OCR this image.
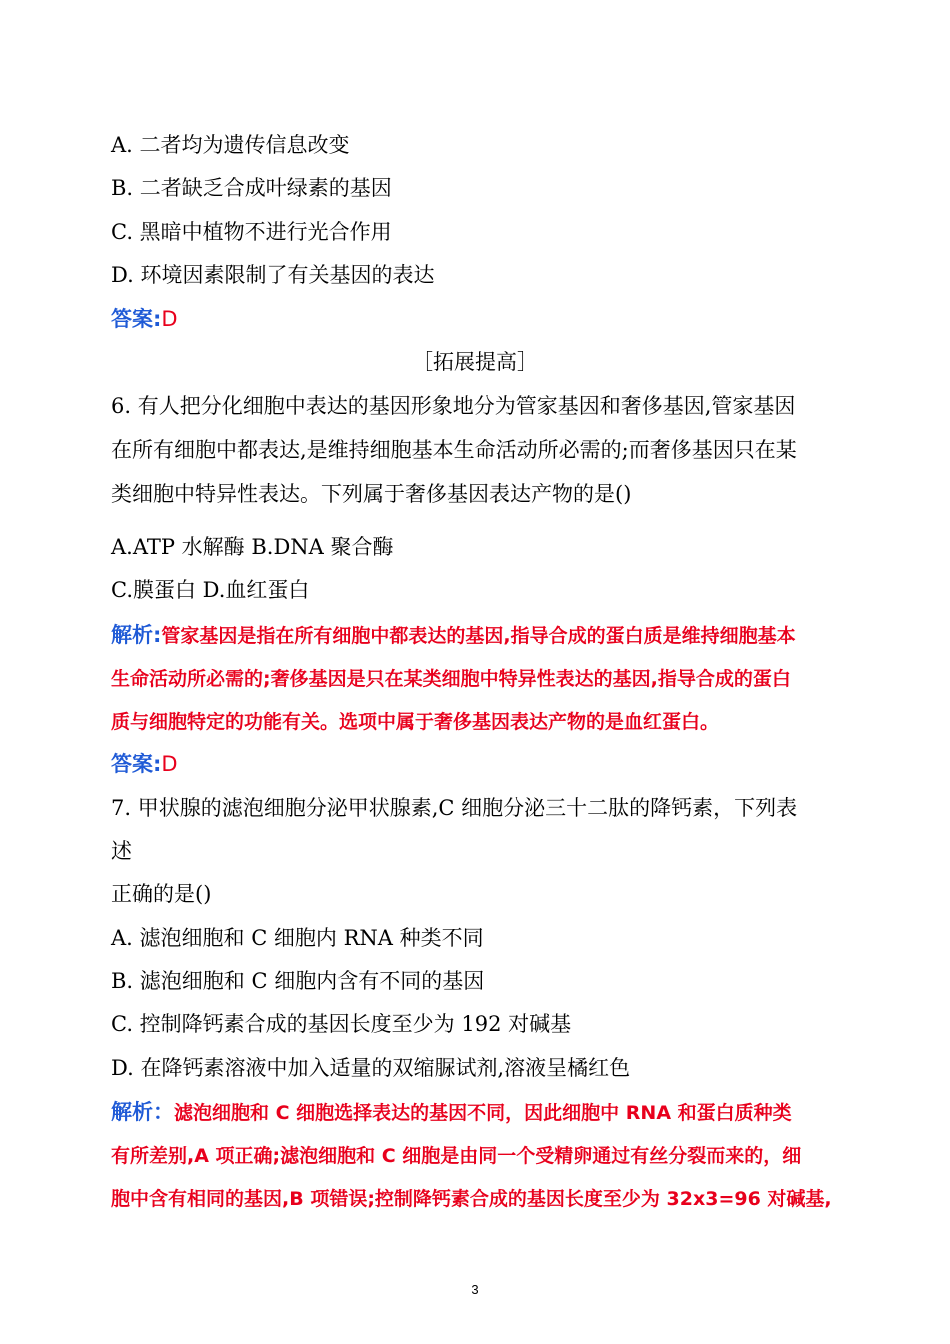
A. 二者均为遗传信息改变
B. 二者缺乏合成叶绿素的基因
C. 黑暗中植物不进行光合作用
D. 环境因素限制了有关基因的表达
答案:D
［拓展提高］
6. 有人把分化细胞中表达的基因形象地分为管家基因和奢侈基因,管家基因
在所有细胞中都表达,是维持细胞基本生命活动所必需的;而奢侈基因只在某
类细胞中特异性表达。下列属于奢侈基因表达产物的是()
A.ATP 水解酶 B.DNA 聚合酶
C.膜蛋白 D.血红蛋白
解析:管家基因是指在所有细胞中都表达的基因,指导合成的蛋白质是维持细胞基本
生命活动所必需的;奢侈基因是只在某类细胞中特异性表达的基因,指导合成的蛋白
质与细胞特定的功能有关。选项中属于奢侈基因表达产物的是血红蛋白。
答案:D
7. 甲状腺的滤泡细胞分泌甲状腺素,C 细胞分泌三十二肽的降钙素，下列表
述
正确的是()
A. 滤泡细胞和 C 细胞内 RNA 种类不同
B. 滤泡细胞和 C 细胞内含有不同的基因
C. 控制降钙素合成的基因长度至少为 192 对碱基
D. 在降钙素溶液中加入适量的双缩脲试剂,溶液呈橘红色
解析：滤泡细胞和 C 细胞选择表达的基因不同，因此细胞中 RNA 和蛋白质种类
有所差别,A 项正确;滤泡细胞和 C 细胞是由同一个受精卵通过有丝分裂而来的，细
胞中含有相同的基因,B 项错误;控制降钙素合成的基因长度至少为 32x3=96 对碱基,
3
